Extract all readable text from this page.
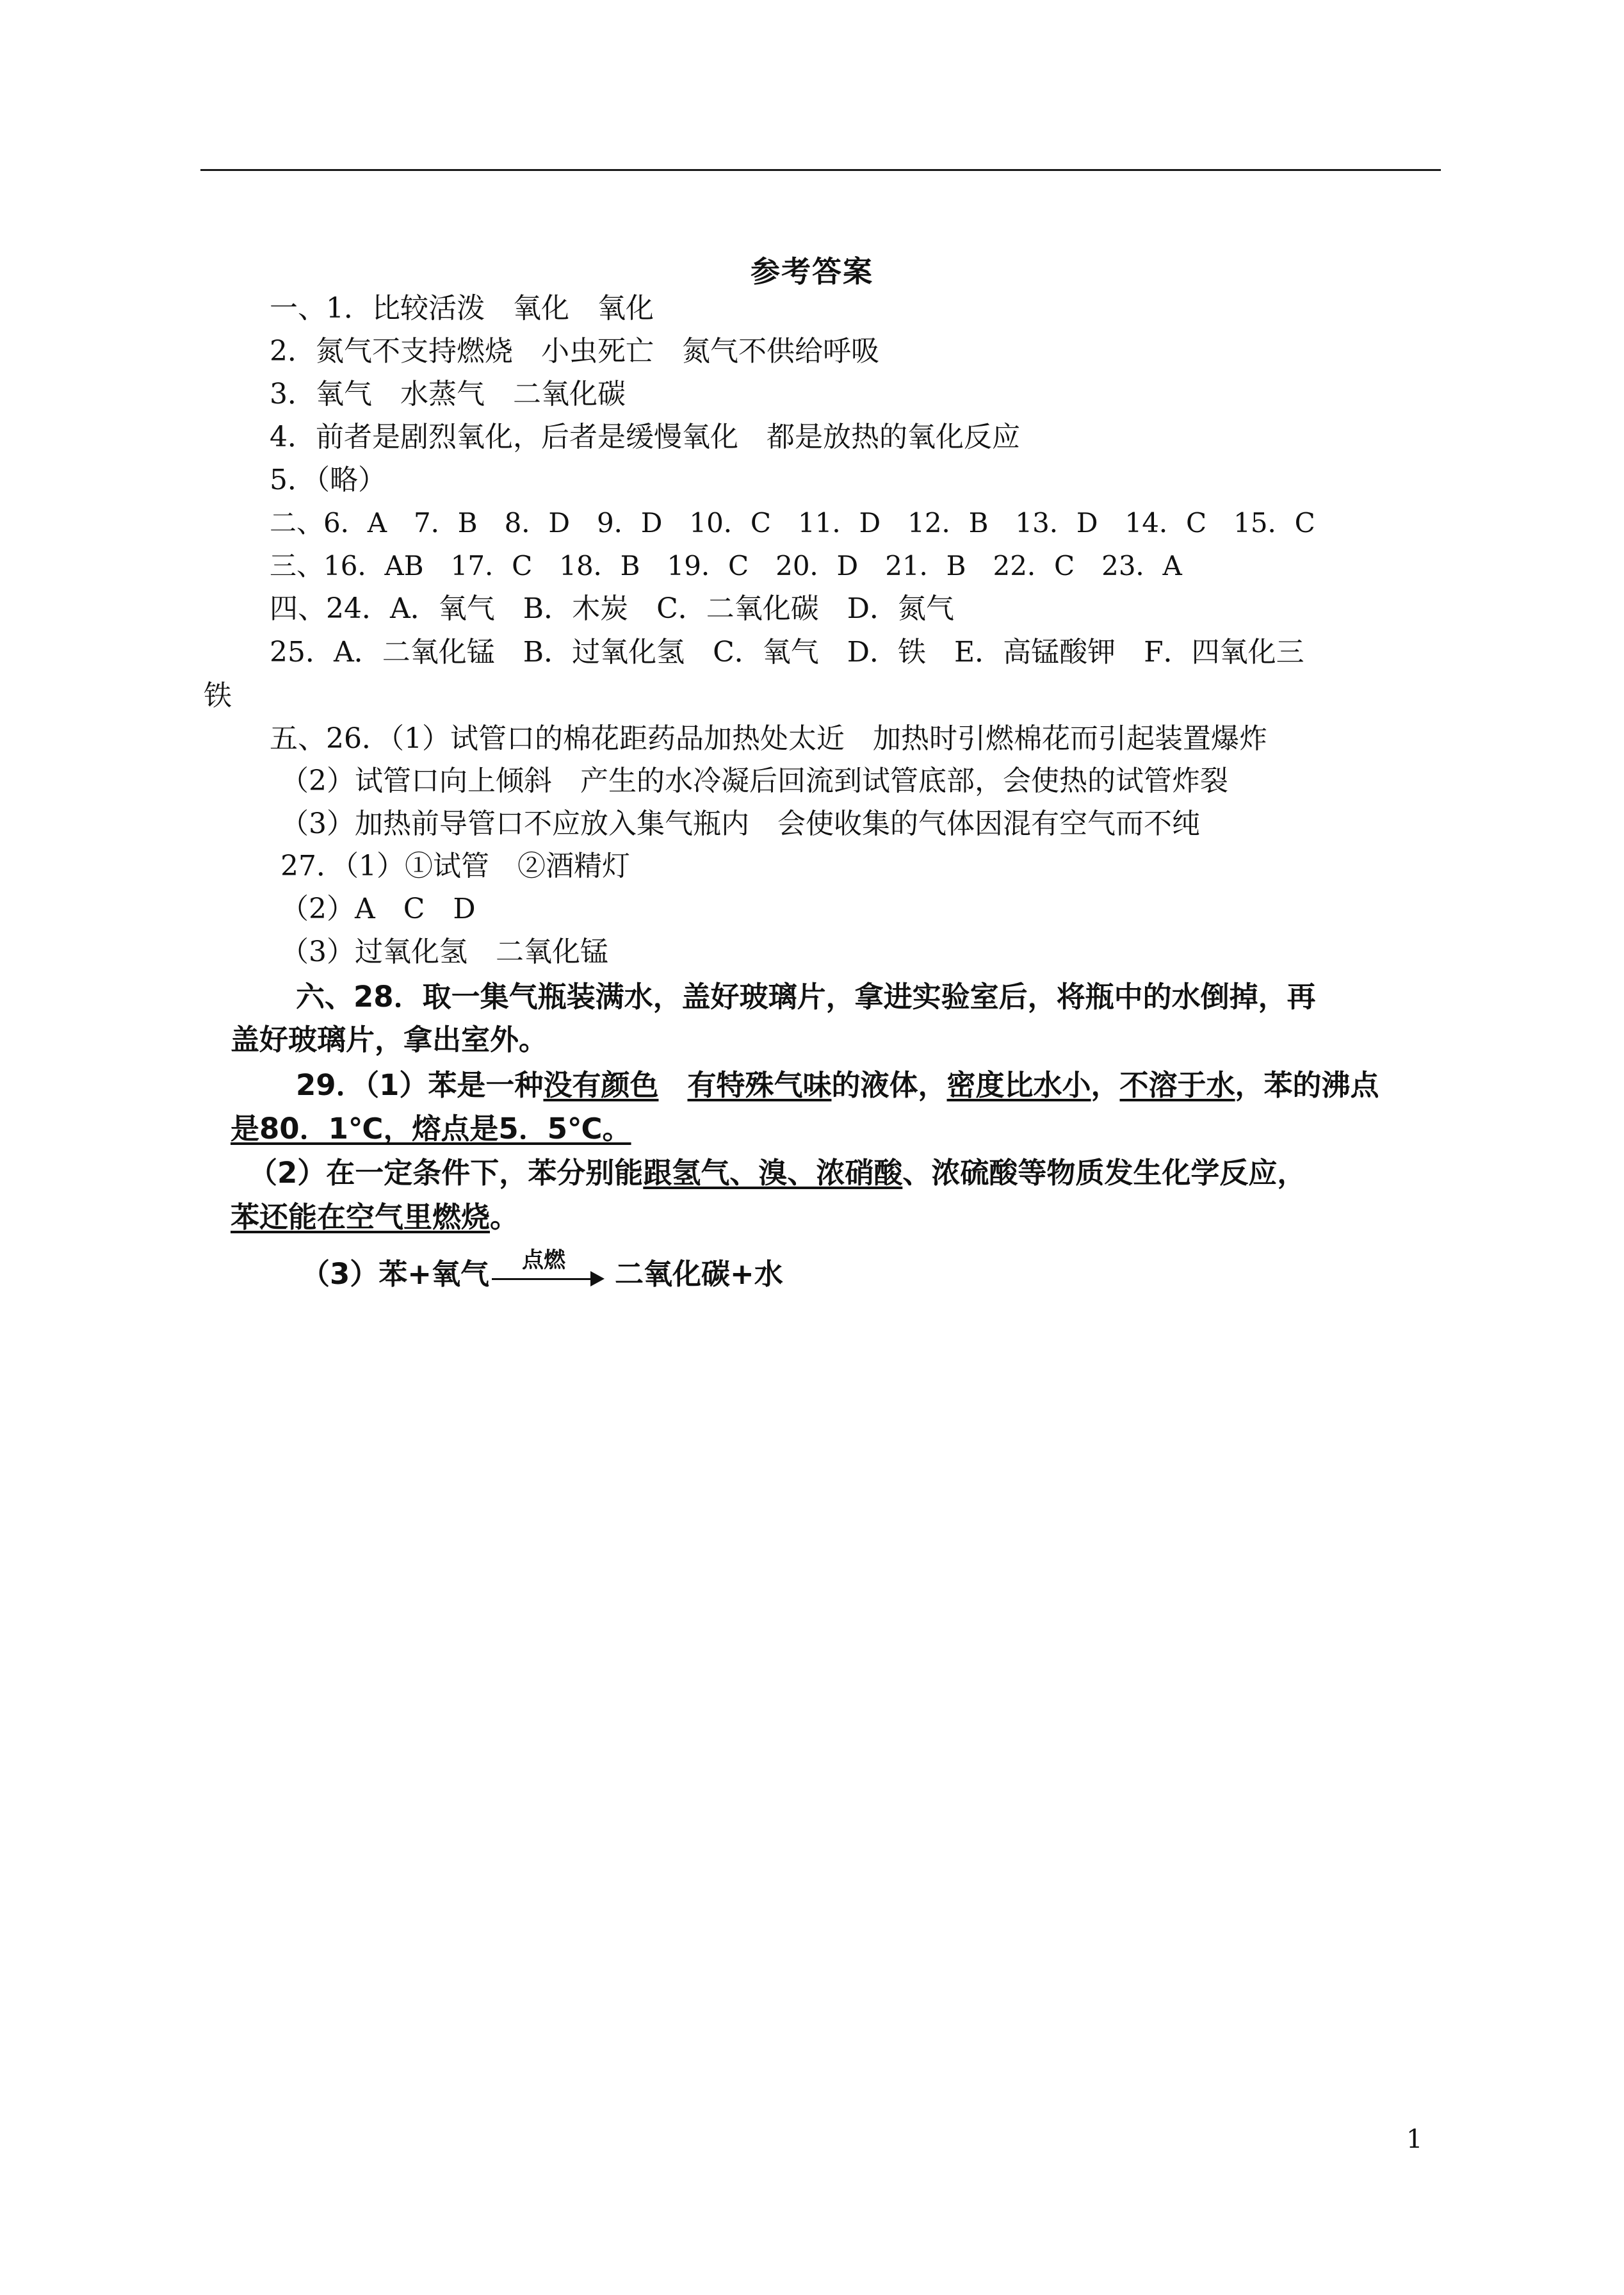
参考答案
一、1．比较活泼　氧化　氧化
2．氮气不支持燃烧　小虫死亡　氮气不供给呼吸
3．氧气　水蒸气　二氧化碳
4．前者是剧烈氧化，后者是缓慢氧化　都是放热的氧化反应
5．（略）
二、6．A　7．B　8．D　9．D　10．C　11．D　12．B　13．D　14．C　15．C
三、16．AB　17．C　18．B　19．C　20．D　21．B　22．C　23．A
四、24．A．氧气　B．木炭　C．二氧化碳　D．氮气
25．A．二氧化锰　B．过氧化氢　C．氧气　D．铁　E．高锰酸钾　F．四氧化三
铁
五、26．（1）试管口的棉花距药品加热处太近　加热时引燃棉花而引起装置爆炸
（2）试管口向上倾斜　产生的水冷凝后回流到试管底部，会使热的试管炸裂
（3）加热前导管口不应放入集气瓶内　会使收集的气体因混有空气而不纯
27．（1）①试管　②酒精灯
（2）A　C　D
（3）过氧化氢　二氧化锰
六、28．取一集气瓶装满水，盖好玻璃片，拿进实验室后，将瓶中的水倒掉，再
盖好玻璃片，拿出室外。
29．（1）苯是一种没有颜色　 有特殊气味的液体，密度比水小，不溶于水，苯的沸点
是80．1℃，熔点是5．5℃。
（2）在一定条件下，苯分别能跟氢气、溴、浓硝酸、浓硫酸等物质发生化学反应，
苯还能在空气里燃烧。
（3）苯+氧气	点燃	二氧化碳+水
1
